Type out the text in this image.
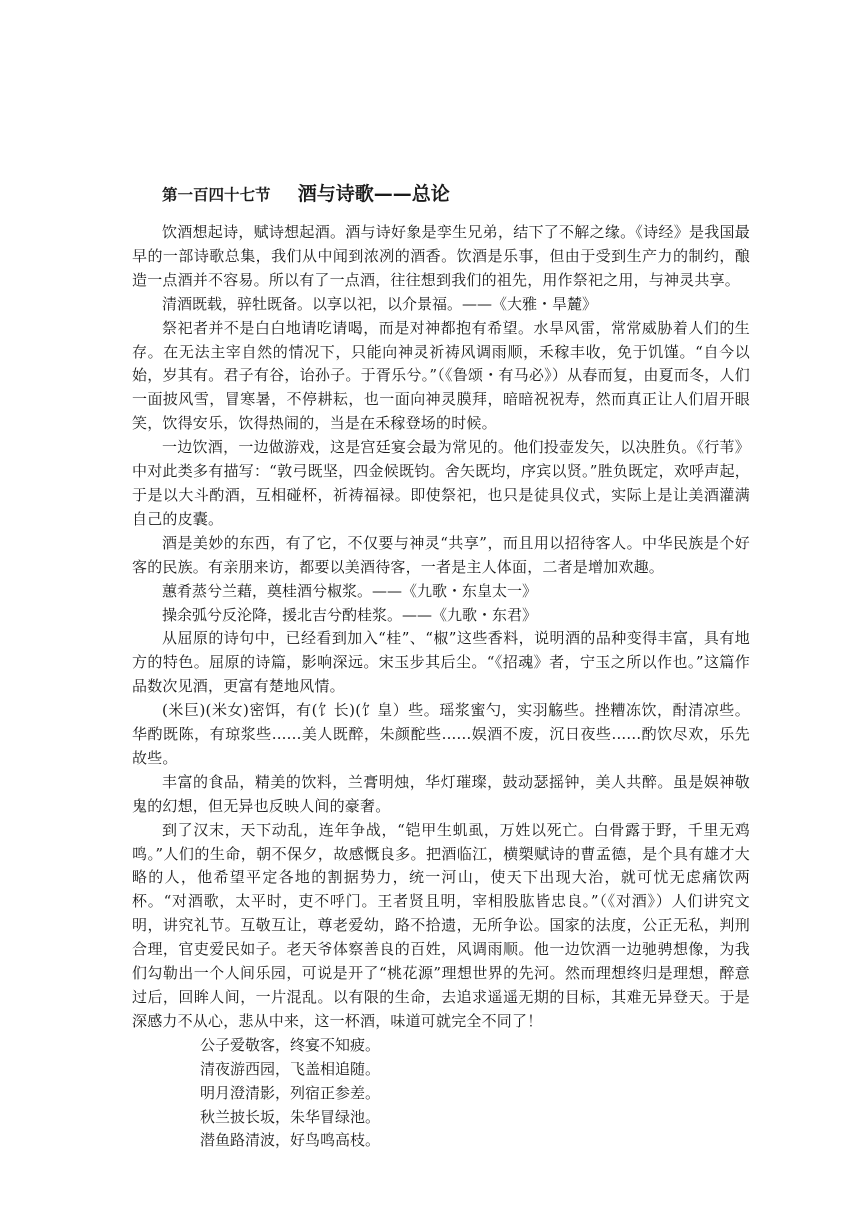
第一百四十七节 酒与诗歌——总论

饮酒想起诗，赋诗想起酒。酒与诗好象是孪生兄弟，结下了不解之缘。《诗经》是我国最早的一部诗歌总集，我们从中闻到浓冽的酒香。饮酒是乐事，但由于受到生产力的制约，酿造一点酒并不容易。所以有了一点酒，往往想到我们的祖先，用作祭祀之用，与神灵共享。

清酒既载，骍牡既备。以享以祀，以介景福。——《大雅・旱麓》

祭祀者并不是白白地请吃请喝，而是对神都抱有希望。水旱风雷，常常威胁着人们的生存。在无法主宰自然的情况下，只能向神灵祈祷风调雨顺，禾稼丰收，免于饥馑。“自今以始，岁其有。君子有谷，诒孙子。于胥乐兮。”（《鲁颂・有马必》）从春而复，由夏而冬，人们一面披风雪，冒寒暑，不停耕耘，也一面向神灵膜拜，暗暗祝祝寿，然而真正让人们眉开眼笑，饮得安乐，饮得热闹的，当是在禾稼登场的时候。

一边饮酒，一边做游戏，这是宫廷宴会最为常见的。他们投壶发矢，以决胜负。《行苇》中对此类多有描写：“敦弓既坚，四金候既钧。舍矢既均，序宾以贤。”胜负既定，欢呼声起，于是以大斗酌酒，互相碰杯，祈祷福禄。即使祭祀，也只是徒具仪式，实际上是让美酒灌满自己的皮囊。

酒是美妙的东西，有了它，不仅要与神灵“共享”，而且用以招待客人。中华民族是个好客的民族。有亲朋来访，都要以美酒待客，一者是主人体面，二者是增加欢趣。

蕙肴蒸兮兰藉，奠桂酒兮椒浆。——《九歌・东皇太一》

操余弧兮反沦降，援北吉兮酌桂浆。——《九歌・东君》

从屈原的诗句中，已经看到加入“桂”、“椒”这些香料，说明酒的品种变得丰富，具有地方的特色。屈原的诗篇，影响深远。宋玉步其后尘。“《招魂》者，宁玉之所以作也。”这篇作品数次见酒，更富有楚地风情。

(米巨)(米女)密饵，有(饣长)(饣皇）些。瑶浆蜜勺，实羽觞些。挫糟冻饮，酎清凉些。华酌既陈，有琼浆些......美人既醉，朱颜酡些......娱酒不废，沉日夜些......酌饮尽欢，乐先故些。

丰富的食品，精美的饮料，兰膏明烛，华灯璀璨，鼓动瑟摇钟，美人共醉。虽是娱神敬鬼的幻想，但无异也反映人间的豪奢。

到了汉末，天下动乱，连年争战，“铠甲生虮虱，万姓以死亡。白骨露于野，千里无鸡鸣。”人们的生命，朝不保夕，故感慨良多。把酒临江，横槊赋诗的曹孟德，是个具有雄才大略的人，他希望平定各地的割据势力，统一河山，使天下出现大治，就可忧无虑痛饮两杯。“对酒歌，太平时，吏不呼门。王者贤且明，宰相股肱皆忠良。”（《对酒》）人们讲究文明，讲究礼节。互敬互让，尊老爱幼，路不拾遗，无所争讼。国家的法度，公正无私，判刑合理，官吏爱民如子。老天爷体察善良的百姓，风调雨顺。他一边饮酒一边驰骋想像，为我们勾勒出一个人间乐园，可说是开了“桃花源”理想世界的先河。然而理想终归是理想，醉意过后，回眸人间，一片混乱。以有限的生命，去追求遥遥无期的目标，其难无异登天。于是深感力不从心，悲从中来，这一杯酒，味道可就完全不同了！

公子爱敬客，终宴不知疲。

清夜游西园，飞盖相追随。

明月澄清影，列宿正参差。

秋兰披长坂，朱华冒绿池。

潜鱼路清波，好鸟鸣高枝。
